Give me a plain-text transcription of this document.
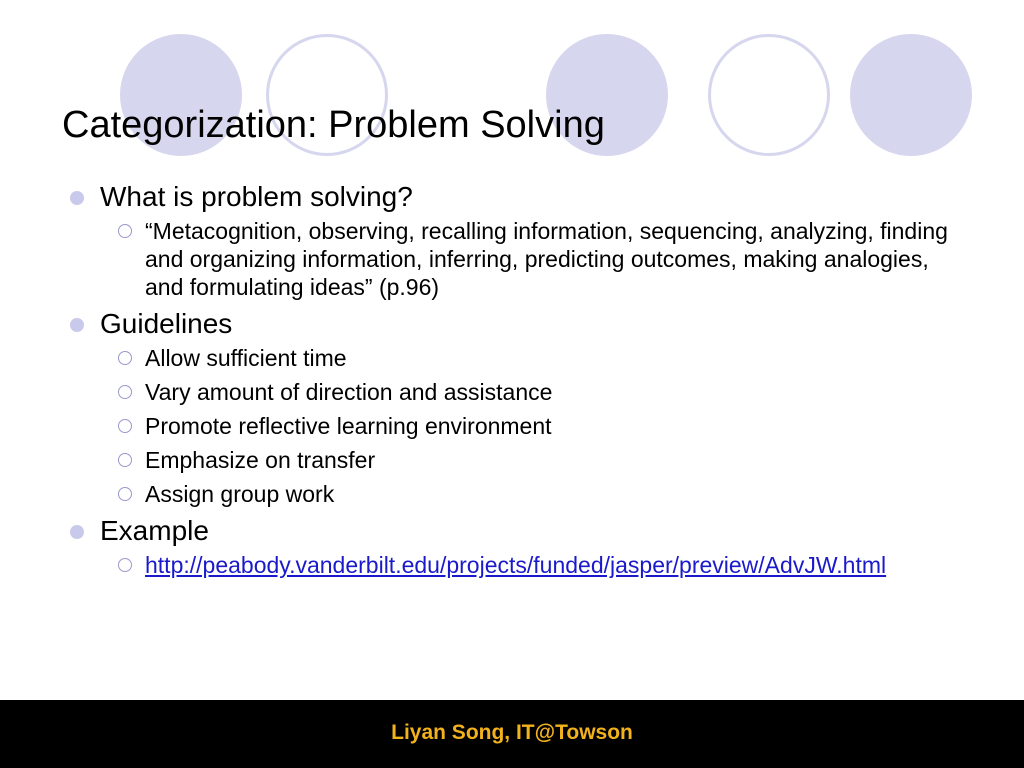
Categorization: Problem Solving
What is problem solving?
“Metacognition, observing, recalling information, sequencing, analyzing, finding and organizing information, inferring, predicting outcomes, making analogies, and formulating ideas” (p.96)
Guidelines
Allow sufficient time
Vary amount of direction and assistance
Promote reflective learning environment
Emphasize on transfer
Assign group work
Example
http://peabody.vanderbilt.edu/projects/funded/jasper/preview/AdvJW.html
Liyan Song, IT@Towson
